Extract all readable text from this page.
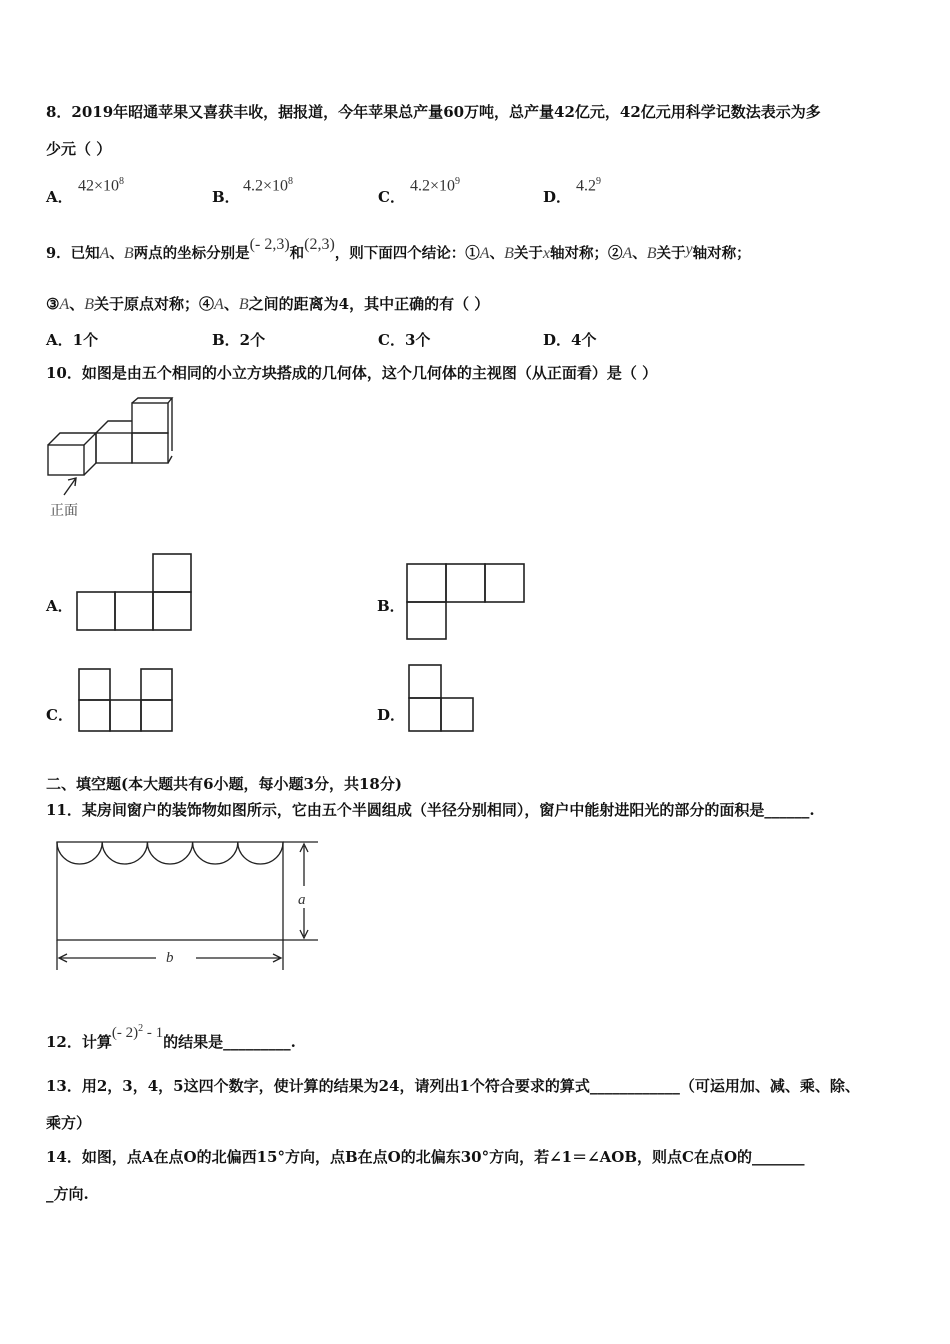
8．2019年昭通苹果又喜获丰收，据报道，今年苹果总产量60万吨，总产量42亿元，42亿元用科学记数法表示为多
少元（ ）
A．
$42\times 10^8$
B．
$4.2\times 10^8$
C．
$4.2\times 10^9$
D．
$4.2^9$
9．已知A、B两点的坐标分别是(- 2,3)和(2,3)，则下面四个结论：①A、B关于x轴对称；②A、B关于y轴对称；
③A、B关于原点对称；④A、B之间的距离为4，其中正确的有（ ）
A．1个	B．2个	C．3个	D．4个
10．如图是由五个相同的小立方块搭成的几何体，这个几何体的主视图（从正面看）是（ ）
正面
A．	B．
C．	D．
二、填空题(本大题共有6小题，每小题3分，共18分)
11．某房间窗户的装饰物如图所示，它由五个半圆组成（半径分别相同），窗户中能射进阳光的部分的面积是______.
a
b
12．计算(- 2)$^2$ - 1的结果是_________.
13．用2，3，4，5这四个数字，使计算的结果为24，请列出1个符合要求的算式____________（可运用加、减、乘、除、
乘方）
14．如图，点A在点O的北偏西15°方向，点B在点O的北偏东30°方向，若∠1＝∠AOB，则点C在点O的_______
_方向.
